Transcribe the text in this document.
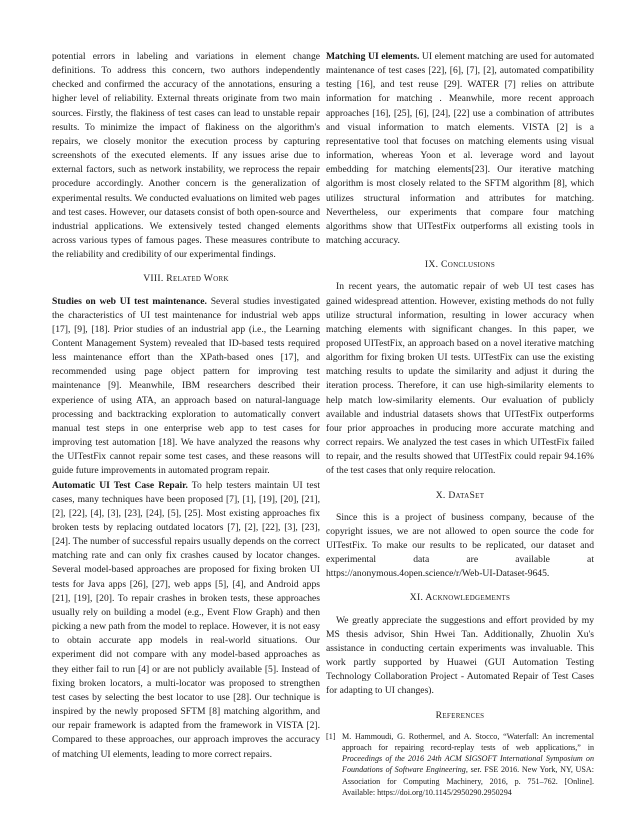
potential errors in labeling and variations in element change definitions. To address this concern, two authors independently checked and confirmed the accuracy of the annotations, ensuring a higher level of reliability. External threats originate from two main sources. Firstly, the flakiness of test cases can lead to unstable repair results. To minimize the impact of flakiness on the algorithm's repairs, we closely monitor the execution process by capturing screenshots of the executed elements. If any issues arise due to external factors, such as network instability, we reprocess the repair procedure accordingly. Another concern is the generalization of experimental results. We conducted evaluations on limited web pages and test cases. However, our datasets consist of both open-source and industrial applications. We extensively tested changed elements across various types of famous pages. These measures contribute to the reliability and credibility of our experimental findings.

VIII. Related Work

Studies on web UI test maintenance. Several studies investigated the characteristics of UI test maintenance for industrial web apps [17], [9], [18]. Prior studies of an industrial app (i.e., the Learning Content Management System) revealed that ID-based tests required less maintenance effort than the XPath-based ones [17], and recommended using page object pattern for improving test maintenance [9]. Meanwhile, IBM researchers described their experience of using ATA, an approach based on natural-language processing and backtracking exploration to automatically convert manual test steps in one enterprise web app to test cases for improving test automation [18]. We have analyzed the reasons why the UITestFix cannot repair some test cases, and these reasons will guide future improvements in automated program repair.

Automatic UI Test Case Repair. To help testers maintain UI test cases, many techniques have been proposed [7], [1], [19], [20], [21], [2], [22], [4], [3], [23], [24], [5], [25]. Most existing approaches fix broken tests by replacing outdated locators [7], [2], [22], [3], [23], [24]. The number of successful repairs usually depends on the correct matching rate and can only fix crashes caused by locator changes. Several model-based approaches are proposed for fixing broken UI tests for Java apps [26], [27], web apps [5], [4], and Android apps [21], [19], [20]. To repair crashes in broken tests, these approaches usually rely on building a model (e.g., Event Flow Graph) and then picking a new path from the model to replace. However, it is not easy to obtain accurate app models in real-world situations. Our experiment did not compare with any model-based approaches as they either fail to run [4] or are not publicly available [5]. Instead of fixing broken locators, a multi-locator was proposed to strengthen test cases by selecting the best locator to use [28]. Our technique is inspired by the newly proposed SFTM [8] matching algorithm, and our repair framework is adapted from the framework in VISTA [2]. Compared to these approaches, our approach improves the accuracy of matching UI elements, leading to more correct repairs.

Matching UI elements. UI element matching are used for automated maintenance of test cases [22], [6], [7], [2], automated compatibility testing [16], and test reuse [29]. WATER [7] relies on attribute information for matching . Meanwhile, more recent approach approaches [16], [25], [6], [24], [22] use a combination of attributes and visual information to match elements. VISTA [2] is a representative tool that focuses on matching elements using visual information, whereas Yoon et al. leverage word and layout embedding for matching elements[23]. Our iterative matching algorithm is most closely related to the SFTM algorithm [8], which utilizes structural information and attributes for matching. Nevertheless, our experiments that compare four matching algorithms show that UITestFix outperforms all existing tools in matching accuracy.

IX. Conclusions

In recent years, the automatic repair of web UI test cases has gained widespread attention. However, existing methods do not fully utilize structural information, resulting in lower accuracy when matching elements with significant changes. In this paper, we proposed UITestFix, an approach based on a novel iterative matching algorithm for fixing broken UI tests. UITestFix can use the existing matching results to update the similarity and adjust it during the iteration process. Therefore, it can use high-similarity elements to help match low-similarity elements. Our evaluation of publicly available and industrial datasets shows that UITestFix outperforms four prior approaches in producing more accurate matching and correct repairs. We analyzed the test cases in which UITestFix failed to repair, and the results showed that UITestFix could repair 94.16% of the test cases that only require relocation.

X. DataSet

Since this is a project of business company, because of the copyright issues, we are not allowed to open source the code for UITestFix. To make our results to be replicated, our dataset and experimental data are available at https://anonymous.4open.science/r/Web-UI-Dataset-9645.

XI. Acknowledgements

We greatly appreciate the suggestions and effort provided by my MS thesis advisor, Shin Hwei Tan. Additionally, Zhuolin Xu's assistance in conducting certain experiments was invaluable. This work partly supported by Huawei (GUI Automation Testing Technology Collaboration Project - Automated Repair of Test Cases for adapting to UI changes).

References
[1] M. Hammoudi, G. Rothermel, and A. Stocco, “Waterfall: An incremental approach for repairing record-replay tests of web applications,” in Proceedings of the 2016 24th ACM SIGSOFT International Symposium on Foundations of Software Engineering, ser. FSE 2016. New York, NY, USA: Association for Computing Machinery, 2016, p. 751–762. [Online]. Available: https://doi.org/10.1145/2950290.2950294
